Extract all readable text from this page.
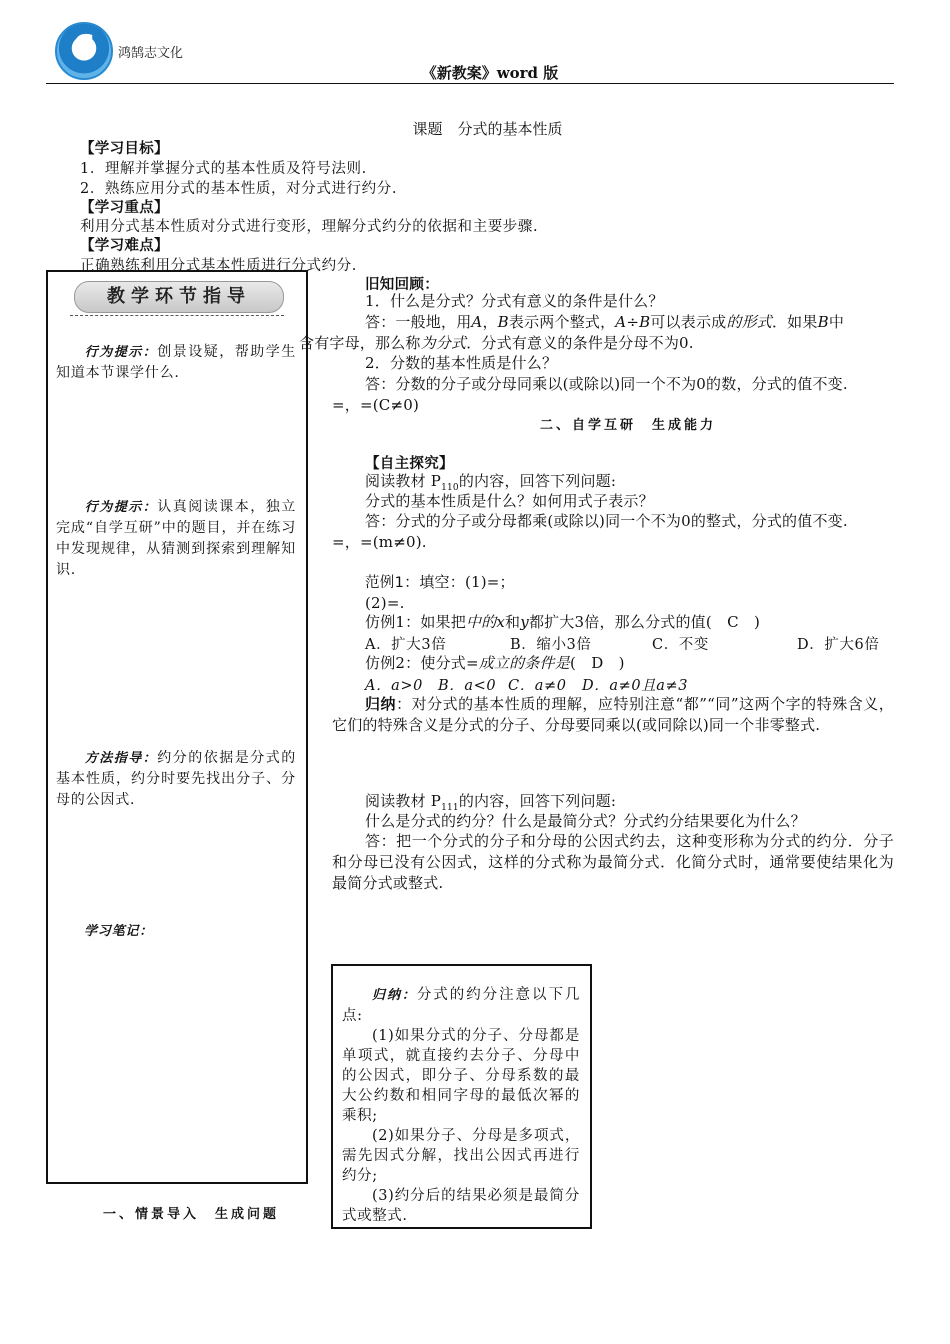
6 鸿鹄志文化
《新教案》word 版
课题　分式的基本性质
【学习目标】
1．理解并掌握分式的基本性质及符号法则.
2．熟练应用分式的基本性质，对分式进行约分.
【学习重点】
利用分式基本性质对分式进行变形，理解分式约分的依据和主要步骤.
【学习难点】
正确熟练利用分式基本性质进行分式约分.
教学环节指导
行为提示：创景设疑，帮助学生知道本节课学什么.
行为提示：认真阅读课本，独立完成“自学互研”中的题目，并在练习中发现规律，从猜测到探索到理解知识.
方法指导：约分的依据是分式的基本性质，约分时要先找出分子、分母的公因式.
学习笔记：
一、情景导入　生成问题
旧知回顾：
1．什么是分式？分式有意义的条件是什么？
答：一般地，用A，B表示两个整式，A÷B可以表示成的形式．如果B中
含有字母，那么称为分式．分式有意义的条件是分母不为0.
2．分数的基本性质是什么？
答：分数的分子或分母同乘以(或除以)同一个不为0的数，分式的值不变.
=，=(C≠0)
二、自学互研　生成能力
【自主探究】
阅读教材 $P_{110}$的内容，回答下列问题:
分式的基本性质是什么？如何用式子表示？
答：分式的分子或分母都乘(或除以)同一个不为0的整式，分式的值不变.
=，=(m≠0).
范例1：填空：(1)=；
(2)=.
仿例1：如果把中的x和y都扩大3倍，那么分式的值(　C　)
A．扩大3倍	B．缩小3倍	C．不变	D．扩大6倍
仿例2：使分式=成立的条件是(　D　)
A．a>0 B．a<0 C．a≠0 D．a≠0且a≠3
归纳：对分式的基本性质的理解，应特别注意“都”“同”这两个字的特殊含义，它们的特殊含义是分式的分子、分母要同乘以(或同除以)同一个非零整式.
阅读教材 $P_{111}$的内容，回答下列问题:
什么是分式的约分？什么是最简分式？分式约分结果要化为什么？
答：把一个分式的分子和分母的公因式约去，这种变形称为分式的约分．分子和分母已没有公因式，这样的分式称为最简分式．化简分式时，通常要使结果化为最简分式或整式.
归纳：分式的约分注意以下几点:
(1)如果分式的分子、分母都是单项式，就直接约去分子、分母中的公因式，即分子、分母系数的最大公约数和相同字母的最低次幂的乘积;
(2)如果分子、分母是多项式，需先因式分解，找出公因式再进行约分;
(3)约分后的结果必须是最简分式或整式.
